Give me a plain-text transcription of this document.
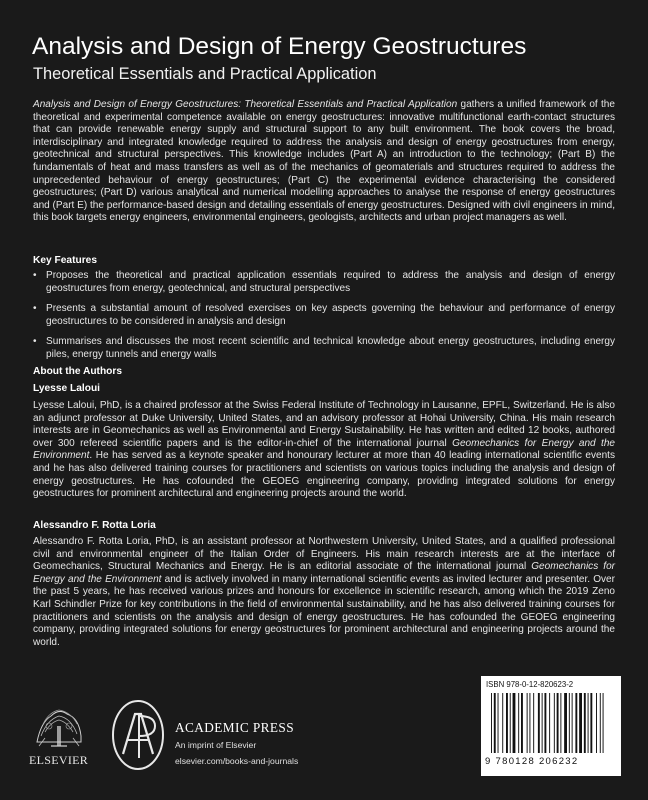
Analysis and Design of Energy Geostructures
Theoretical Essentials and Practical Application

Analysis and Design of Energy Geostructures: Theoretical Essentials and Practical Application gathers a unified framework of the theoretical and experimental competence available on energy geostructures: innovative multifunctional earth-contact structures that can provide renewable energy supply and structural support to any built environment. The book covers the broad, interdisciplinary and integrated knowledge required to address the analysis and design of energy geostructures from energy, geotechnical and structural perspectives. This knowledge includes (Part A) an introduction to the technology; (Part B) the fundamentals of heat and mass transfers as well as of the mechanics of geomaterials and structures required to address the unprecedented behaviour of energy geostructures; (Part C) the experimental evidence characterising the considered geostructures; (Part D) various analytical and numerical modelling approaches to analyse the response of energy geostructures and (Part E) the performance-based design and detailing essentials of energy geostructures. Designed with civil engineers in mind, this book targets energy engineers, environmental engineers, geologists, architects and urban project managers as well.

Key Features
• Proposes the theoretical and practical application essentials required to address the analysis and design of energy geostructures from energy, geotechnical, and structural perspectives
• Presents a substantial amount of resolved exercises on key aspects governing the behaviour and performance of energy geostructures to be considered in analysis and design
• Summarises and discusses the most recent scientific and technical knowledge about energy geostructures, including energy piles, energy tunnels and energy walls
About the Authors
Lyesse Laloui

Lyesse Laloui, PhD, is a chaired professor at the Swiss Federal Institute of Technology in Lausanne, EPFL, Switzerland. He is also an adjunct professor at Duke University, United States, and an advisory professor at Hohai University, China. His main research interests are in Geomechanics as well as Environmental and Energy Sustainability. He has written and edited 12 books, authored over 300 refereed scientific papers and is the editor-in-chief of the international journal Geomechanics for Energy and the Environment. He has served as a keynote speaker and honourary lecturer at more than 40 leading international scientific events and he has also delivered training courses for practitioners and scientists on various topics including the analysis and design of energy geostructures. He has cofounded the GEOEG engineering company, providing integrated solutions for energy geostructures for prominent architectural and engineering projects around the world.

Alessandro F. Rotta Loria

Alessandro F. Rotta Loria, PhD, is an assistant professor at Northwestern University, United States, and a qualified professional civil and environmental engineer of the Italian Order of Engineers. His main research interests are at the interface of Geomechanics, Structural Mechanics and Energy. He is an editorial associate of the international journal Geomechanics for Energy and the Environment and is actively involved in many international scientific events as invited lecturer and presenter. Over the past 5 years, he has received various prizes and honours for excellence in scientific research, among which the 2019 Zeno Karl Schindler Prize for key contributions in the field of environmental sustainability, and he has also delivered training courses for practitioners and scientists on the analysis and design of energy geostructures. He has cofounded the GEOEG engineering company, providing integrated solutions for energy geostructures for prominent architectural and engineering projects around the world.

ELSEVIER
ACADEMIC PRESS
An imprint of Elsevier
elsevier.com/books-and-journals
ISBN 978-0-12-820623-2
9 780128 206232
